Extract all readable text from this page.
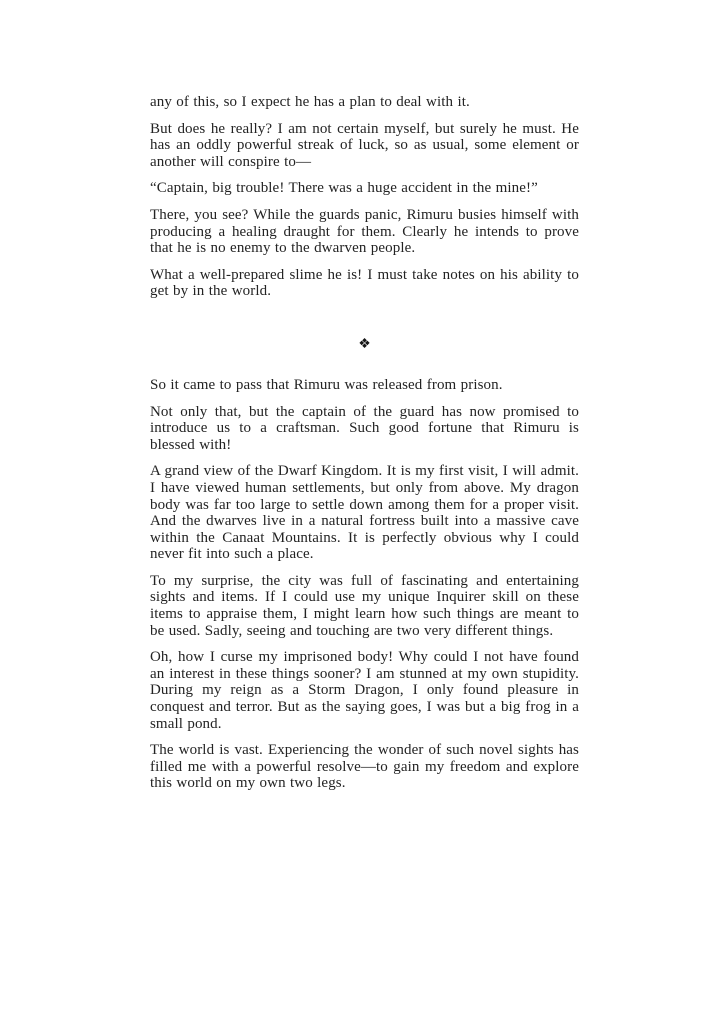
any of this, so I expect he has a plan to deal with it.

But does he really? I am not certain myself, but surely he must. He has an oddly powerful streak of luck, so as usual, some element or another will conspire to—

“Captain, big trouble! There was a huge accident in the mine!”

There, you see? While the guards panic, Rimuru busies himself with producing a healing draught for them. Clearly he intends to prove that he is no enemy to the dwarven people.

What a well-prepared slime he is! I must take notes on his ability to get by in the world.

❖

So it came to pass that Rimuru was released from prison.

Not only that, but the captain of the guard has now promised to introduce us to a craftsman. Such good fortune that Rimuru is blessed with!

A grand view of the Dwarf Kingdom. It is my first visit, I will admit. I have viewed human settlements, but only from above. My dragon body was far too large to settle down among them for a proper visit. And the dwarves live in a natural fortress built into a massive cave within the Canaat Mountains. It is perfectly obvious why I could never fit into such a place.

To my surprise, the city was full of fascinating and entertaining sights and items. If I could use my unique Inquirer skill on these items to appraise them, I might learn how such things are meant to be used. Sadly, seeing and touching are two very different things.

Oh, how I curse my imprisoned body! Why could I not have found an interest in these things sooner? I am stunned at my own stupidity. During my reign as a Storm Dragon, I only found pleasure in conquest and terror. But as the saying goes, I was but a big frog in a small pond.

The world is vast. Experiencing the wonder of such novel sights has filled me with a powerful resolve—to gain my freedom and explore this world on my own two legs.
